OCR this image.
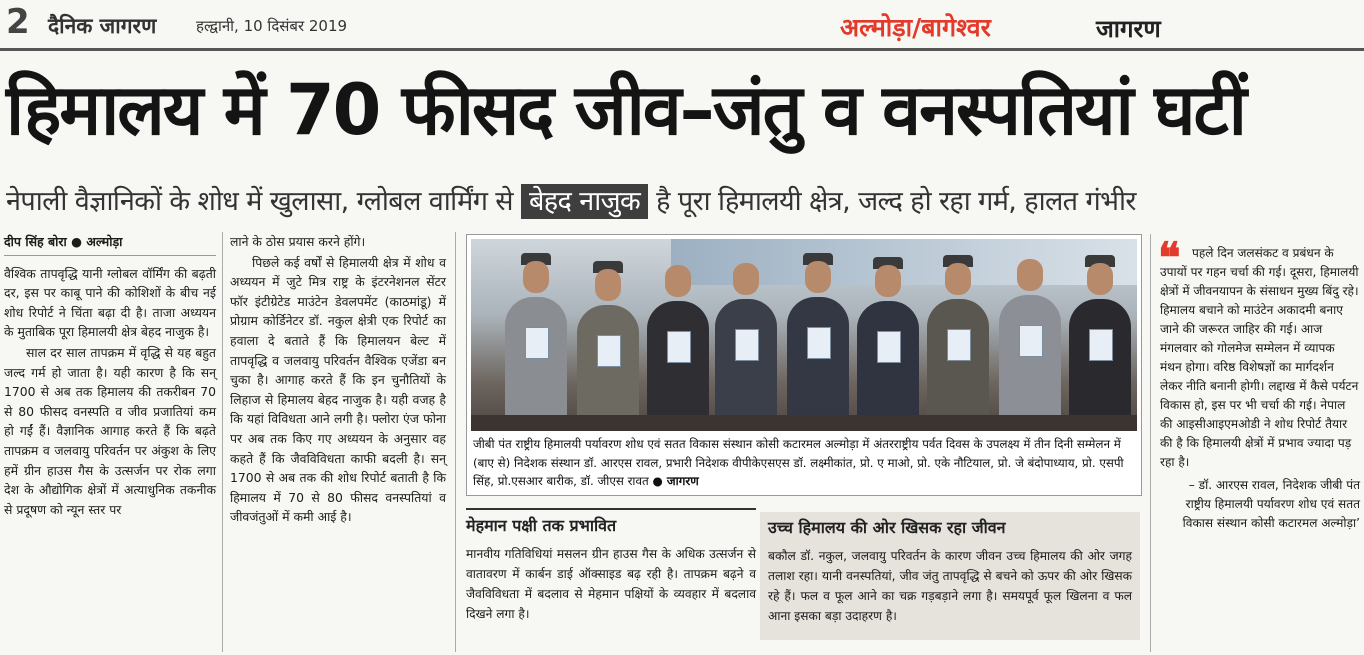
2 दैनिक जागरण	हल्द्वानी, 10 दिसंबर 2019	अल्मोड़ा/बागेश्वर	जागरण
हिमालय में 70 फीसद जीव–जंतु व वनस्पतियां घटीं
नेपाली वैज्ञानिकों के शोध में खुलासा, ग्लोबल वार्मिंग से बेहद नाजुक है पूरा हिमालयी क्षेत्र, जल्द हो रहा गर्म, हालत गंभीर
दीप सिंह बोरा ● अल्मोड़ा

वैश्विक तापवृद्धि यानी ग्लोबल वॉर्मिंग की बढ़ती दर, इस पर काबू पाने की कोशिशों के बीच नई शोध रिपोर्ट ने चिंता बढ़ा दी है। ताजा अध्ययन के मुताबिक पूरा हिमालयी क्षेत्र बेहद नाजुक है।

साल दर साल तापक्रम में वृद्धि से यह बहुत जल्द गर्म हो जाता है। यही कारण है कि सन् 1700 से अब तक हिमालय की तकरीबन 70 से 80 फीसद वनस्पति व जीव प्रजातियां कम हो गईं हैं। वैज्ञानिक आगाह करते हैं कि बढ़ते तापक्रम व जलवायु परिवर्तन पर अंकुश के लिए हमें ग्रीन हाउस गैस के उत्सर्जन पर रोक लगा देश के औद्योगिक क्षेत्रों में अत्याधुनिक तकनीक से प्रदूषण को न्यून स्तर पर

लाने के ठोस प्रयास करने होंगे।

पिछले कई वर्षों से हिमालयी क्षेत्र में शोध व अध्ययन में जुटे मित्र राष्ट्र के इंटरनेशनल सेंटर फॉर इंटीग्रेटेड माउंटेन डेवलपमेंट (काठमांडू) में प्रोग्राम कोर्डिनेटर डॉ. नकुल क्षेत्री एक रिपोर्ट का हवाला दे बताते हैं कि हिमालयन बेल्ट में तापवृद्धि व जलवायु परिवर्तन वैश्विक एजेंडा बन चुका है। आगाह करते हैं कि इन चुनौतियों के लिहाज से हिमालय बेहद नाजुक है। यही वजह है कि यहां विविधता आने लगी है। फ्लोरा एंज फोना पर अब तक किए गए अध्ययन के अनुसार वह कहते हैं कि जैवविविधता काफी बदली है। सन् 1700 से अब तक की शोध रिपोर्ट बताती है कि हिमालय में 70 से 80 फीसद वनस्पतियां व जीवजंतुओं में कमी आई है।

जीबी पंत राष्ट्रीय हिमालयी पर्यावरण शोध एवं सतत विकास संस्थान कोसी कटारमल अल्मोड़ा में अंतरराष्ट्रीय पर्वत दिवस के उपलक्ष्य में तीन दिनी सम्मेलन में (बाए से) निदेशक संस्थान डॉ. आरएस रावल, प्रभारी निदेशक वीपीकेएसएस डॉ. लक्ष्मीकांत, प्रो. ए माओ, प्रो. एके नौटियाल, प्रो. जे बंदोपाध्याय, प्रो. एसपी सिंह, प्रो.एसआर बारीक, डॉ. जीएस रावत ● जागरण
मेहमान पक्षी तक प्रभावित
मानवीय गतिविधियां मसलन ग्रीन हाउस गैस के अधिक उत्सर्जन से वातावरण में कार्बन डाई ऑक्साइड बढ़ रही है। तापक्रम बढ़ने व जैवविविधता में बदलाव से मेहमान पक्षियों के व्यवहार में बदलाव दिखने लगा है।
उच्च हिमालय की ओर खिसक रहा जीवन
बकौल डॉ. नकुल, जलवायु परिवर्तन के कारण जीवन उच्च हिमालय की ओर जगह तलाश रहा। यानी वनस्पतियां, जीव जंतु तापवृद्धि से बचने को ऊपर की ओर खिसक रहे हैं। फल व फूल आने का चक्र गड़बड़ाने लगा है। समयपूर्व फूल खिलना व फल आना इसका बड़ा उदाहरण है।
❝ पहले दिन जलसंकट व प्रबंधन के उपायों पर गहन चर्चा की गई। दूसरा, हिमालयी क्षेत्रों में जीवनयापन के संसाधन मुख्य बिंदु रहे। हिमालय बचाने को माउंटेन अकादमी बनाए जाने की जरूरत जाहिर की गई। आज मंगलवार को गोलमेज सम्मेलन में व्यापक मंथन होगा। वरिष्ठ विशेषज्ञों का मार्गदर्शन लेकर नीति बनानी होगी। लद्दाख में कैसे पर्यटन विकास हो, इस पर भी चर्चा की गई। नेपाल की आइसीआइएमओडी ने शोध रिपोर्ट तैयार की है कि हिमालयी क्षेत्रों में प्रभाव ज्यादा पड़ रहा है।

– डॉ. आरएस रावल, निदेशक जीबी पंत राष्ट्रीय हिमालयी पर्यावरण शोध एवं सतत विकास संस्थान कोसी कटारमल अल्मोड़ा’
